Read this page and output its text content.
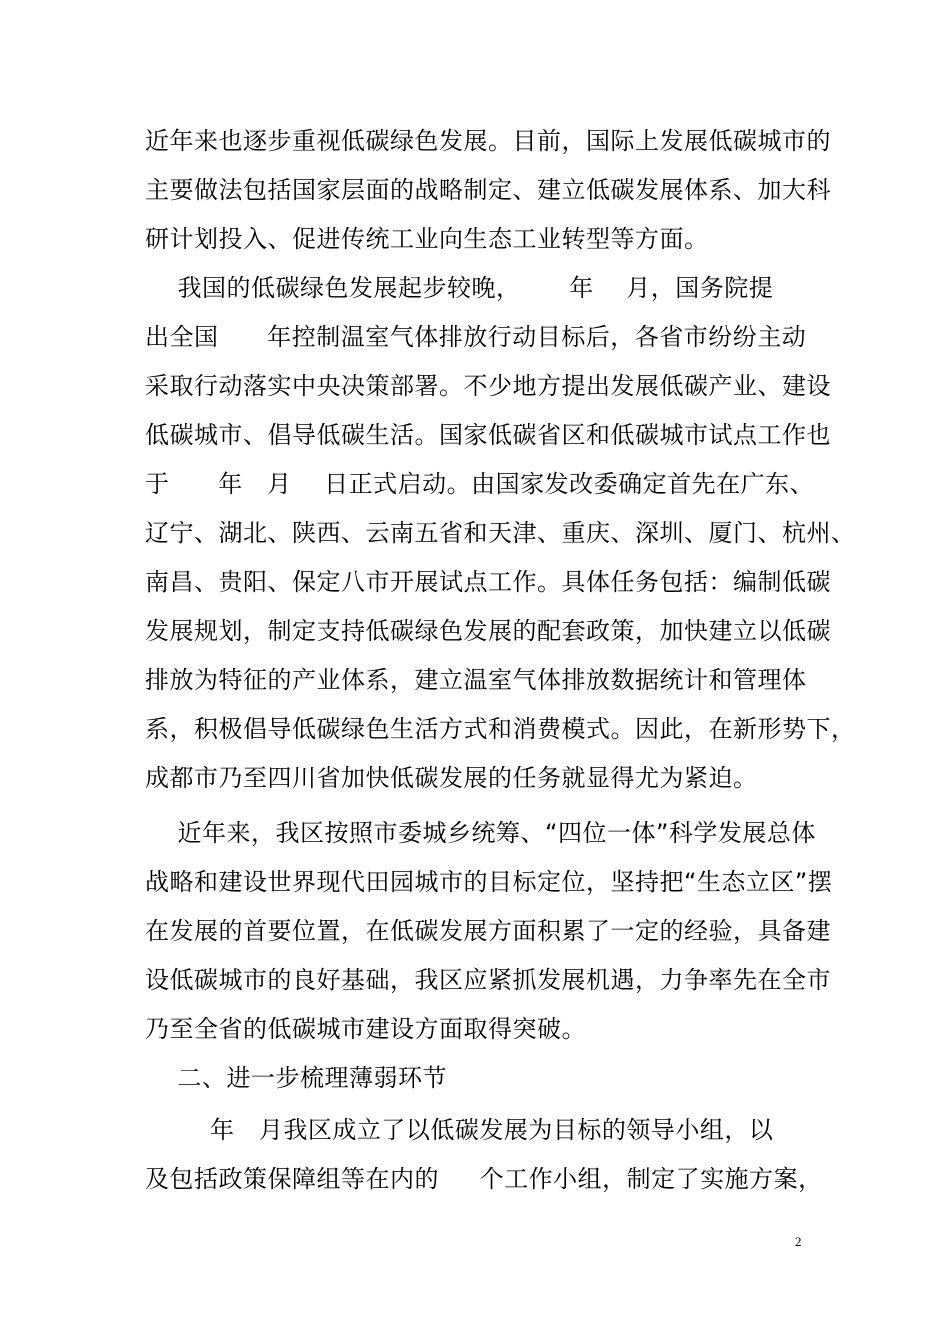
近年来也逐步重视低碳绿色发展。目前，国际上发展低碳城市的
主要做法包括国家层面的战略制定、建立低碳发展体系、加大科
研计划投入、促进传统工业向生态工业转型等方面。
我国的低碳绿色发展起步较晚，      年    月，国务院提
出全国      年控制温室气体排放行动目标后，各省市纷纷主动
采取行动落实中央决策部署。不少地方提出发展低碳产业、建设
低碳城市、倡导低碳生活。国家低碳省区和低碳城市试点工作也
于      年   月    日正式启动。由国家发改委确定首先在广东、
辽宁、湖北、陕西、云南五省和天津、重庆、深圳、厦门、杭州、
南昌、贵阳、保定八市开展试点工作。具体任务包括：编制低碳
发展规划，制定支持低碳绿色发展的配套政策，加快建立以低碳
排放为特征的产业体系，建立温室气体排放数据统计和管理体
系，积极倡导低碳绿色生活方式和消费模式。因此，在新形势下，
成都市乃至四川省加快低碳发展的任务就显得尤为紧迫。
近年来，我区按照市委城乡统筹、“四位一体”科学发展总体
战略和建设世界现代田园城市的目标定位，坚持把“生态立区”摆
在发展的首要位置，在低碳发展方面积累了一定的经验，具备建
设低碳城市的良好基础，我区应紧抓发展机遇，力争率先在全市
乃至全省的低碳城市建设方面取得突破。
二、进一步梳理薄弱环节
年   月我区成立了以低碳发展为目标的领导小组，以
及包括政策保障组等在内的     个工作小组，制定了实施方案，
2
